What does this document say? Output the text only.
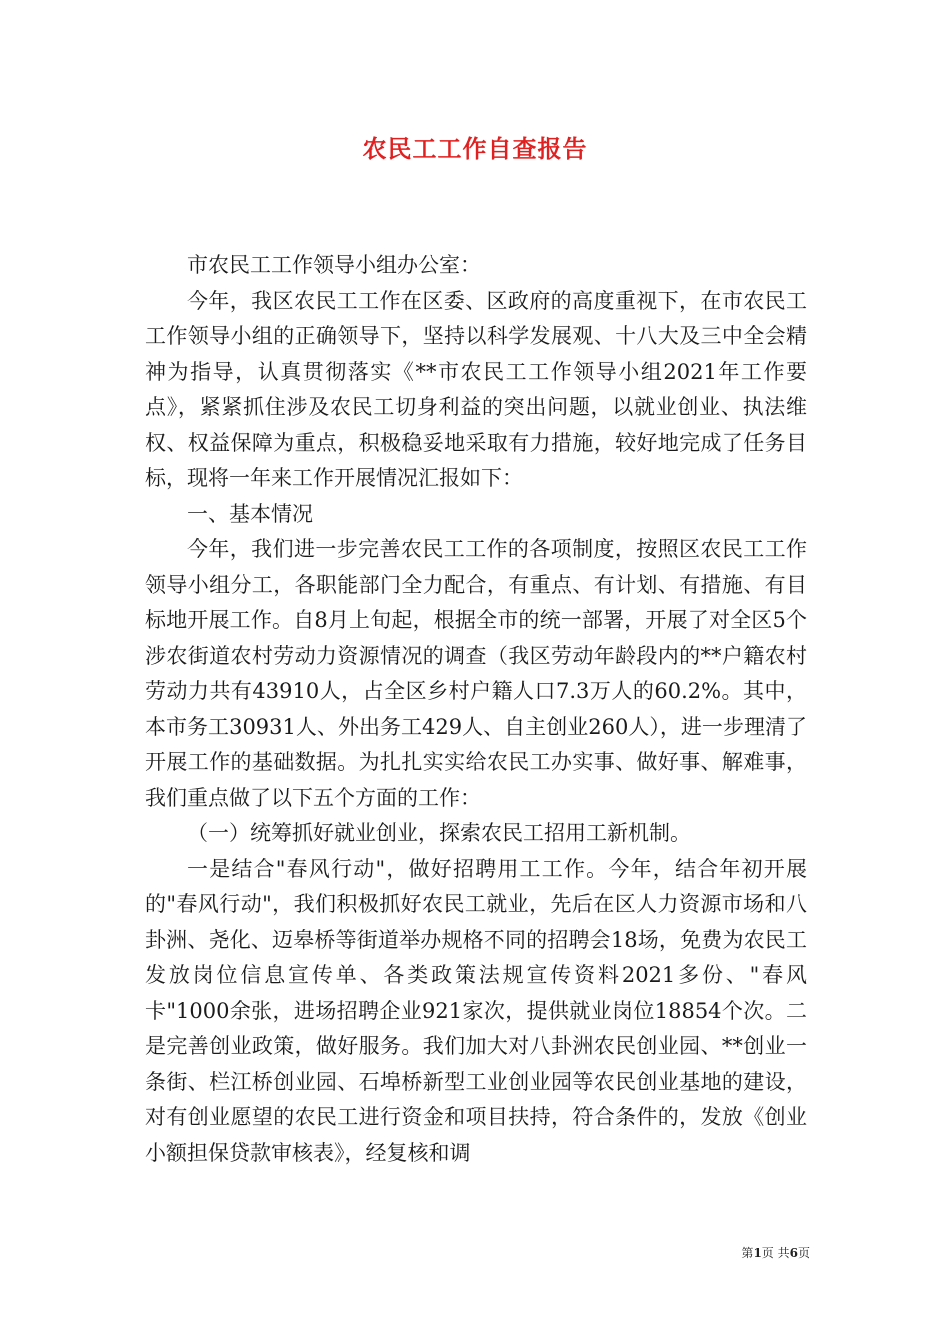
农民工工作自查报告

市农民工工作领导小组办公室：

今年，我区农民工工作在区委、区政府的高度重视下，在市农民工工作领导小组的正确领导下，坚持以科学发展观、十八大及三中全会精神为指导，认真贯彻落实《**市农民工工作领导小组2021年工作要点》，紧紧抓住涉及农民工切身利益的突出问题，以就业创业、执法维权、权益保障为重点，积极稳妥地采取有力措施，较好地完成了任务目标，现将一年来工作开展情况汇报如下：

一、基本情况

今年，我们进一步完善农民工工作的各项制度，按照区农民工工作领导小组分工，各职能部门全力配合，有重点、有计划、有措施、有目标地开展工作。自8月上旬起，根据全市的统一部署，开展了对全区5个涉农街道农村劳动力资源情况的调查（我区劳动年龄段内的**户籍农村劳动力共有43910人，占全区乡村户籍人口7.3万人的60.2%。其中，本市务工30931人、外出务工429人、自主创业260人），进一步理清了开展工作的基础数据。为扎扎实实给农民工办实事、做好事、解难事，我们重点做了以下五个方面的工作：

（一）统筹抓好就业创业，探索农民工招用工新机制。

一是结合"春风行动"，做好招聘用工工作。今年，结合年初开展的"春风行动"，我们积极抓好农民工就业，先后在区人力资源市场和八卦洲、尧化、迈皋桥等街道举办规格不同的招聘会18场，免费为农民工发放岗位信息宣传单、各类政策法规宣传资料2021多份、"春风卡"1000余张，进场招聘企业921家次，提供就业岗位18854个次。二是完善创业政策，做好服务。我们加大对八卦洲农民创业园、**创业一条街、栏江桥创业园、石埠桥新型工业创业园等农民创业基地的建设，对有创业愿望的农民工进行资金和项目扶持，符合条件的，发放《创业小额担保贷款审核表》，经复核和调

第1页 共6页
